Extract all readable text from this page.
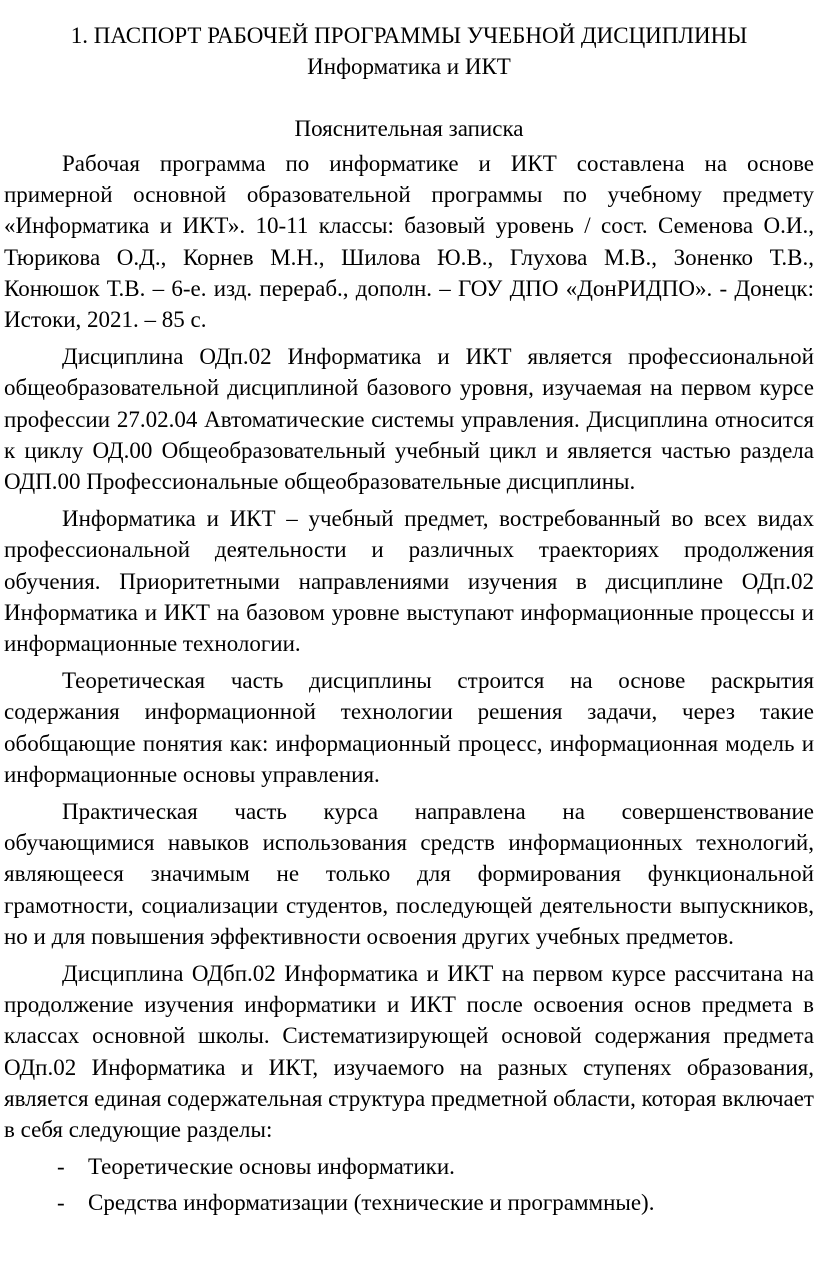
1. ПАСПОРТ РАБОЧЕЙ ПРОГРАММЫ УЧЕБНОЙ ДИСЦИПЛИНЫ
Информатика и ИКТ
Пояснительная записка

Рабочая программа по информатике и ИКТ составлена на основе примерной основной образовательной программы по учебному предмету «Информатика и ИКТ». 10-11 классы: базовый уровень / сост. Семенова О.И., Тюрикова О.Д., Корнев М.Н., Шилова Ю.В., Глухова М.В., Зоненко Т.В., Конюшок Т.В. – 6-е. изд. перераб., дополн. – ГОУ ДПО «ДонРИДПО». - Донецк: Истоки, 2021. – 85 с.

Дисциплина ОДп.02 Информатика и ИКТ является профессиональной общеобразовательной дисциплиной базового уровня, изучаемая на первом курсе профессии 27.02.04 Автоматические системы управления. Дисциплина относится к циклу ОД.00 Общеобразовательный учебный цикл и является частью раздела ОДП.00 Профессиональные общеобразовательные дисциплины.

Информатика и ИКТ – учебный предмет, востребованный во всех видах профессиональной деятельности и различных траекториях продолжения обучения. Приоритетными направлениями изучения в дисциплине ОДп.02 Информатика и ИКТ на базовом уровне выступают информационные процессы и информационные технологии.

Теоретическая часть дисциплины строится на основе раскрытия содержания информационной технологии решения задачи, через такие обобщающие понятия как: информационный процесс, информационная модель и информационные основы управления.

Практическая часть курса направлена на совершенствование обучающимися навыков использования средств информационных технологий, являющееся значимым не только для формирования функциональной грамотности, социализации студентов, последующей деятельности выпускников, но и для повышения эффективности освоения других учебных предметов.

Дисциплина ОДбп.02 Информатика и ИКТ на первом курсе рассчитана на продолжение изучения информатики и ИКТ после освоения основ предмета в классах основной школы. Систематизирующей основой содержания предмета ОДп.02 Информатика и ИКТ, изучаемого на разных ступенях образования, является единая содержательная структура предметной области, которая включает в себя следующие разделы:

- Теоретические основы информатики.
- Средства информатизации (технические и программные).
